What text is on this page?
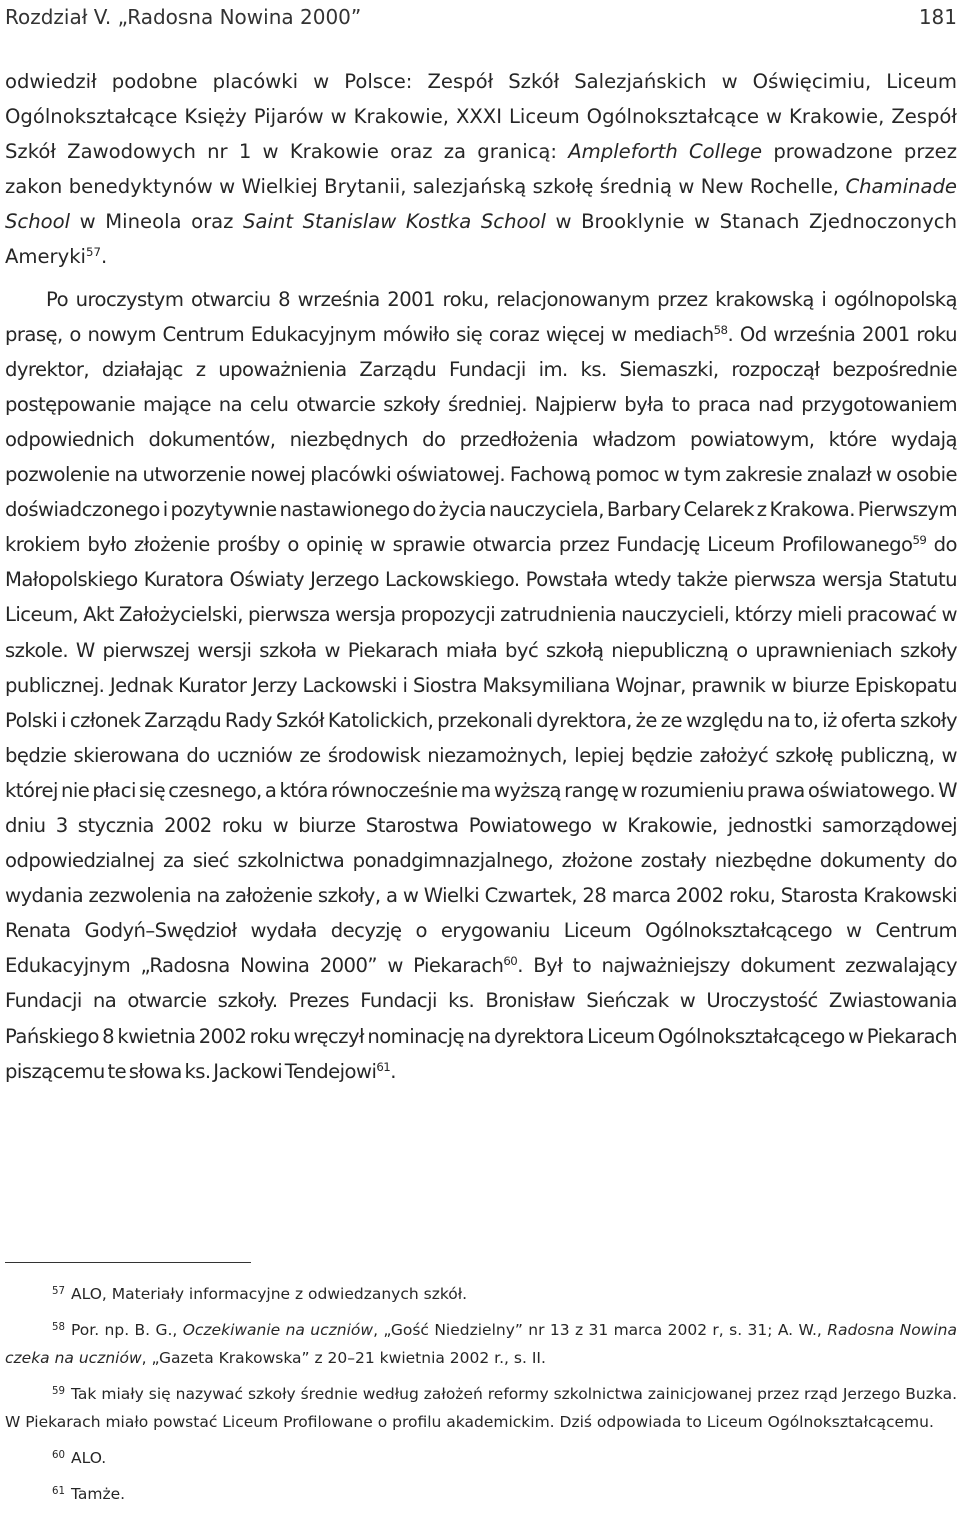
Rozdział V. „Radosna Nowina 2000”	181

odwiedził podobne placówki w Polsce: Zespół Szkół Salezjańskich w Oświęcimiu, Liceum Ogólnokształcące Księży Pijarów w Krakowie, XXXI Liceum Ogólnokształcące w Krakowie, Zespół Szkół Zawodowych nr 1 w Krakowie oraz za granicą: Ampleforth College prowadzone przez zakon benedyktynów w Wielkiej Brytanii, salezjańską szkołę średnią w New Rochelle, Chaminade School w Mineola oraz Saint Stanislaw Kostka School w Brooklynie w Stanach Zjednoczonych Ameryki$^{57}$.

Po uroczystym otwarciu 8 września 2001 roku, relacjonowanym przez krakowską i ogólnopolską prasę, o nowym Centrum Edukacyjnym mówiło się coraz więcej w mediach$^{58}$. Od września 2001 roku dyrektor, działając z upoważnienia Zarządu Fundacji im. ks. Siemaszki, rozpoczął bezpośrednie postępowanie mające na celu otwarcie szkoły średniej. Najpierw była to praca nad przygotowaniem odpowiednich dokumentów, niezbędnych do przedłożenia władzom powiatowym, które wydają pozwolenie na utworzenie nowej placówki oświatowej. Fachową pomoc w tym zakresie znalazł w osobie doświadczonego i pozytywnie nastawionego do życia nauczyciela, Barbary Celarek z Krakowa. Pierwszym krokiem było złożenie prośby o opinię w sprawie otwarcia przez Fundację Liceum Profilowanego$^{59}$ do Małopolskiego Kuratora Oświaty Jerzego Lackowskiego. Powstała wtedy także pierwsza wersja Statutu Liceum, Akt Założycielski, pierwsza wersja propozycji zatrudnienia nauczycieli, którzy mieli pracować w szkole. W pierwszej wersji szkoła w Piekarach miała być szkołą niepubliczną o uprawnieniach szkoły publicznej. Jednak Kurator Jerzy Lackowski i Siostra Maksymiliana Wojnar, prawnik w biurze Episkopatu Polski i członek Zarządu Rady Szkół Katolickich, przekonali dyrektora, że ze względu na to, iż oferta szkoły będzie skierowana do uczniów ze środowisk niezamożnych, lepiej będzie założyć szkołę publiczną, w której nie płaci się czesnego, a która równocześnie ma wyższą rangę w rozumieniu prawa oświatowego. W dniu 3 stycznia 2002 roku w biurze Starostwa Powiatowego w Krakowie, jednostki samorządowej odpowiedzialnej za sieć szkolnictwa ponadgimnazjalnego, złożone zostały niezbędne dokumenty do wydania zezwolenia na założenie szkoły, a w Wielki Czwartek, 28 marca 2002 roku, Starosta Krakowski Renata Godyń–Swędzioł wydała decyzję o erygowaniu Liceum Ogólnokształcącego w Centrum Edukacyjnym „Radosna Nowina 2000” w Piekarach$^{60}$. Był to najważniejszy dokument zezwalający Fundacji na otwarcie szkoły. Prezes Fundacji ks. Bronisław Sieńczak w Uroczystość Zwiastowania Pańskiego 8 kwietnia 2002 roku wręczył nominację na dyrektora Liceum Ogólnokształcącego w Piekarach piszącemu te słowa ks. Jackowi Tendejowi$^{61}$.

$^{57}$ ALO, Materiały informacyjne z odwiedzanych szkół.

$^{58}$ Por. np. B. G., Oczekiwanie na uczniów, „Gość Niedzielny” nr 13 z 31 marca 2002 r, s. 31; A. W., Radosna Nowina czeka na uczniów, „Gazeta Krakowska” z 20–21 kwietnia 2002 r., s. II.

$^{59}$ Tak miały się nazywać szkoły średnie według założeń reformy szkolnictwa zainicjowanej przez rząd Jerzego Buzka. W Piekarach miało powstać Liceum Profilowane o profilu akademickim. Dziś odpowiada to Liceum Ogólnokształcącemu.

$^{60}$ ALO.

$^{61}$ Tamże.
